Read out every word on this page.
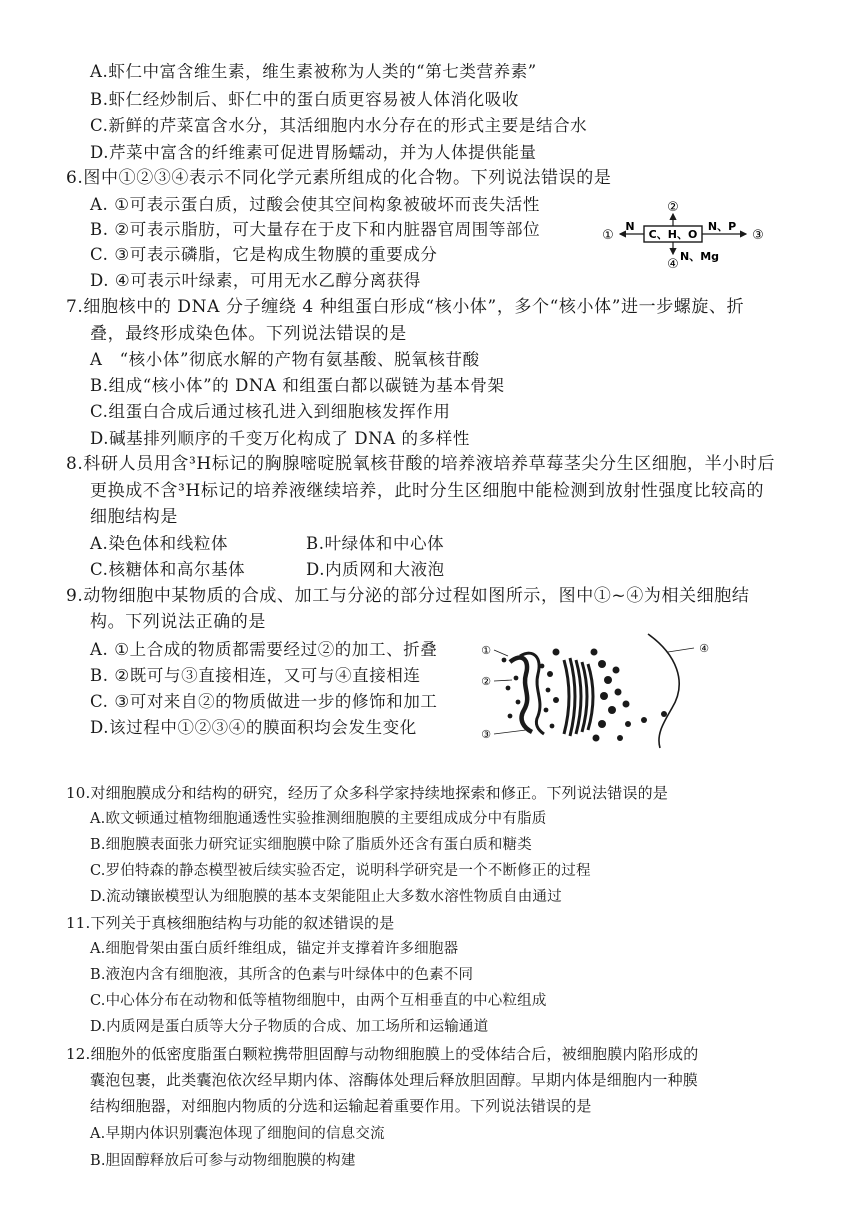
A.虾仁中富含维生素，维生素被称为人类的“第七类营养素”
B.虾仁经炒制后、虾仁中的蛋白质更容易被人体消化吸收
C.新鲜的芹菜富含水分，其活细胞内水分存在的形式主要是结合水
D.芹菜中富含的纤维素可促进胃肠蠕动，并为人体提供能量
6.图中①②③④表示不同化学元素所组成的化合物。下列说法错误的是
A. ①可表示蛋白质，过酸会使其空间构象被破坏而丧失活性
B. ②可表示脂肪，可大量存在于皮下和内脏器官周围等部位
C. ③可表示磷脂，它是构成生物膜的重要成分
D. ④可表示叶绿素，可用无水乙醇分离获得
C、H、O
N	N、P
N、Mg
①
②
③
④
7.细胞核中的 DNA 分子缠绕 4 种组蛋白形成“核小体”，多个“核小体”进一步螺旋、折
叠，最终形成染色体。下列说法错误的是
A　“核小体”彻底水解的产物有氨基酸、脱氧核苷酸
B.组成“核小体”的 DNA 和组蛋白都以碳链为基本骨架
C.组蛋白合成后通过核孔进入到细胞核发挥作用
D.碱基排列顺序的千变万化构成了 DNA 的多样性
8.科研人员用含³H标记的胸腺嘧啶脱氧核苷酸的培养液培养草莓茎尖分生区细胞，半小时后
更换成不含³H标记的培养液继续培养，此时分生区细胞中能检测到放射性强度比较高的
细胞结构是
A.染色体和线粒体	B.叶绿体和中心体
C.核糖体和高尔基体	D.内质网和大液泡
9.动物细胞中某物质的合成、加工与分泌的部分过程如图所示，图中①~④为相关细胞结
构。下列说法正确的是
A. ①上合成的物质都需要经过②的加工、折叠
B. ②既可与③直接相连，又可与④直接相连
C. ③可对来自②的物质做进一步的修饰和加工
D.该过程中①②③④的膜面积均会发生变化
①
②
③
④
10.对细胞膜成分和结构的研究，经历了众多科学家持续地探索和修正。下列说法错误的是
A.欧文顿通过植物细胞通透性实验推测细胞膜的主要组成成分中有脂质
B.细胞膜表面张力研究证实细胞膜中除了脂质外还含有蛋白质和糖类
C.罗伯特森的静态模型被后续实验否定，说明科学研究是一个不断修正的过程
D.流动镶嵌模型认为细胞膜的基本支架能阻止大多数水溶性物质自由通过
11.下列关于真核细胞结构与功能的叙述错误的是
A.细胞骨架由蛋白质纤维组成，锚定并支撑着许多细胞器
B.液泡内含有细胞液，其所含的色素与叶绿体中的色素不同
C.中心体分布在动物和低等植物细胞中，由两个互相垂直的中心粒组成
D.内质网是蛋白质等大分子物质的合成、加工场所和运输通道
12.细胞外的低密度脂蛋白颗粒携带胆固醇与动物细胞膜上的受体结合后，被细胞膜内陷形成的
囊泡包裹，此类囊泡依次经早期内体、溶酶体处理后释放胆固醇。早期内体是细胞内一种膜
结构细胞器，对细胞内物质的分选和运输起着重要作用。下列说法错误的是
A.早期内体识别囊泡体现了细胞间的信息交流
B.胆固醇释放后可参与动物细胞膜的构建
